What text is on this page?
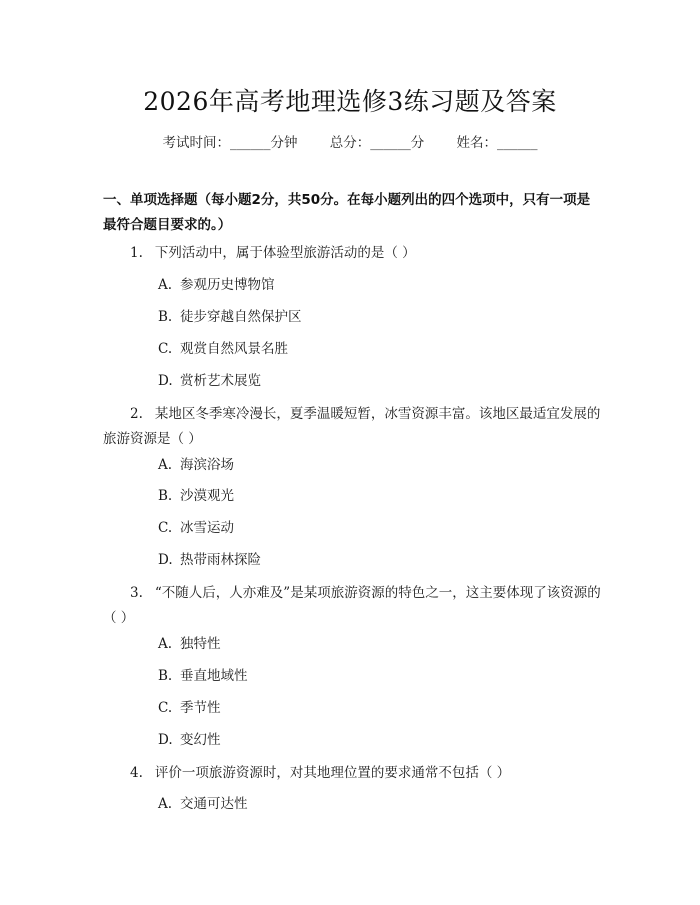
2026年高考地理选修3练习题及答案
考试时间：______分钟 总分：______分 姓名：______
一、单项选择题（每小题2分，共50分。在每小题列出的四个选项中，只有一项是最符合题目要求的。）
1. 下列活动中，属于体验型旅游活动的是（ ）
A. 参观历史博物馆
B. 徒步穿越自然保护区
C. 观赏自然风景名胜
D. 赏析艺术展览
2. 某地区冬季寒冷漫长，夏季温暖短暂，冰雪资源丰富。该地区最适宜发展的旅游资源是（ ）
A. 海滨浴场
B. 沙漠观光
C. 冰雪运动
D. 热带雨林探险
3. “不随人后，人亦难及”是某项旅游资源的特色之一，这主要体现了该资源的（ ）
A. 独特性
B. 垂直地域性
C. 季节性
D. 变幻性
4. 评价一项旅游资源时，对其地理位置的要求通常不包括（ ）
A. 交通可达性
